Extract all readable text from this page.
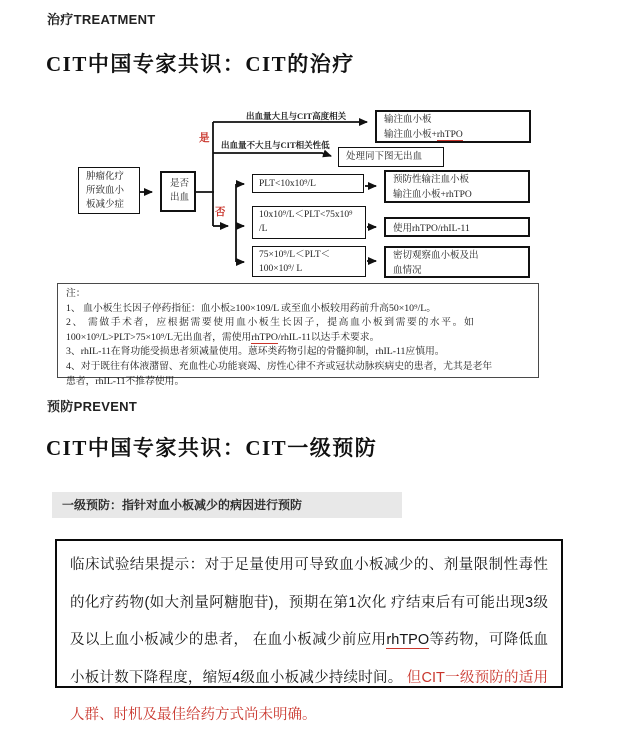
治疗TREATMENT
CIT中国专家共识：CIT的治疗
肿瘤化疗
所致血小
板减少症
是否
出血
是
否
出血量大且与CIT高度相关
出血量不大且与CIT相关性低
输注血小板
输注血小板+rhTPO
处理同下图无出血
PLT<10x10⁹/L
10x10⁹/L＜PLT<75x10⁹
/L
75×10⁹/L＜PLT＜
100×10⁹/ L
预防性输注血小板
输注血小板+rhTPO
使用rhTPO/rhIL-11
密切观察血小板及出
血情况
注：
1、 血小板生长因子停药指征：血小板≥100×109/L 或至血小板较用药前升高50×10⁹/L。
2、 需做手术者，应根据需要使用血小板生长因子，提高血小板到需要的水平。如
100×10⁹/L>PLT>75×10⁹/L无出血者，需使用rhTPO/rhIL-11以达手术要求。
3、rhIL-11在肾功能受损患者须减量使用。蒽环类药物引起的骨髓抑制，rhIL-11应慎用。
4、对于既往有体液潴留、充血性心功能衰竭、房性心律不齐或冠状动脉疾病史的患者，尤其是老年
患者，rhIL-11不推荐使用。
预防PREVENT
CIT中国专家共识：CIT一级预防
一级预防：指针对血小板减少的病因进行预防
临床试验结果提示：对于足量使用可导致血小板减少的、剂量限制性毒性的化疗药物(如大剂量阿糖胞苷)，预期在第1次化 疗结束后有可能出现3级及以上血小板减少的患者， 在血小板减少前应用rhTPO等药物，可降低血小板计数下降程度，缩短4级血小板减少持续时间。 但CIT一级预防的适用人群、时机及最佳给药方式尚未明确。
